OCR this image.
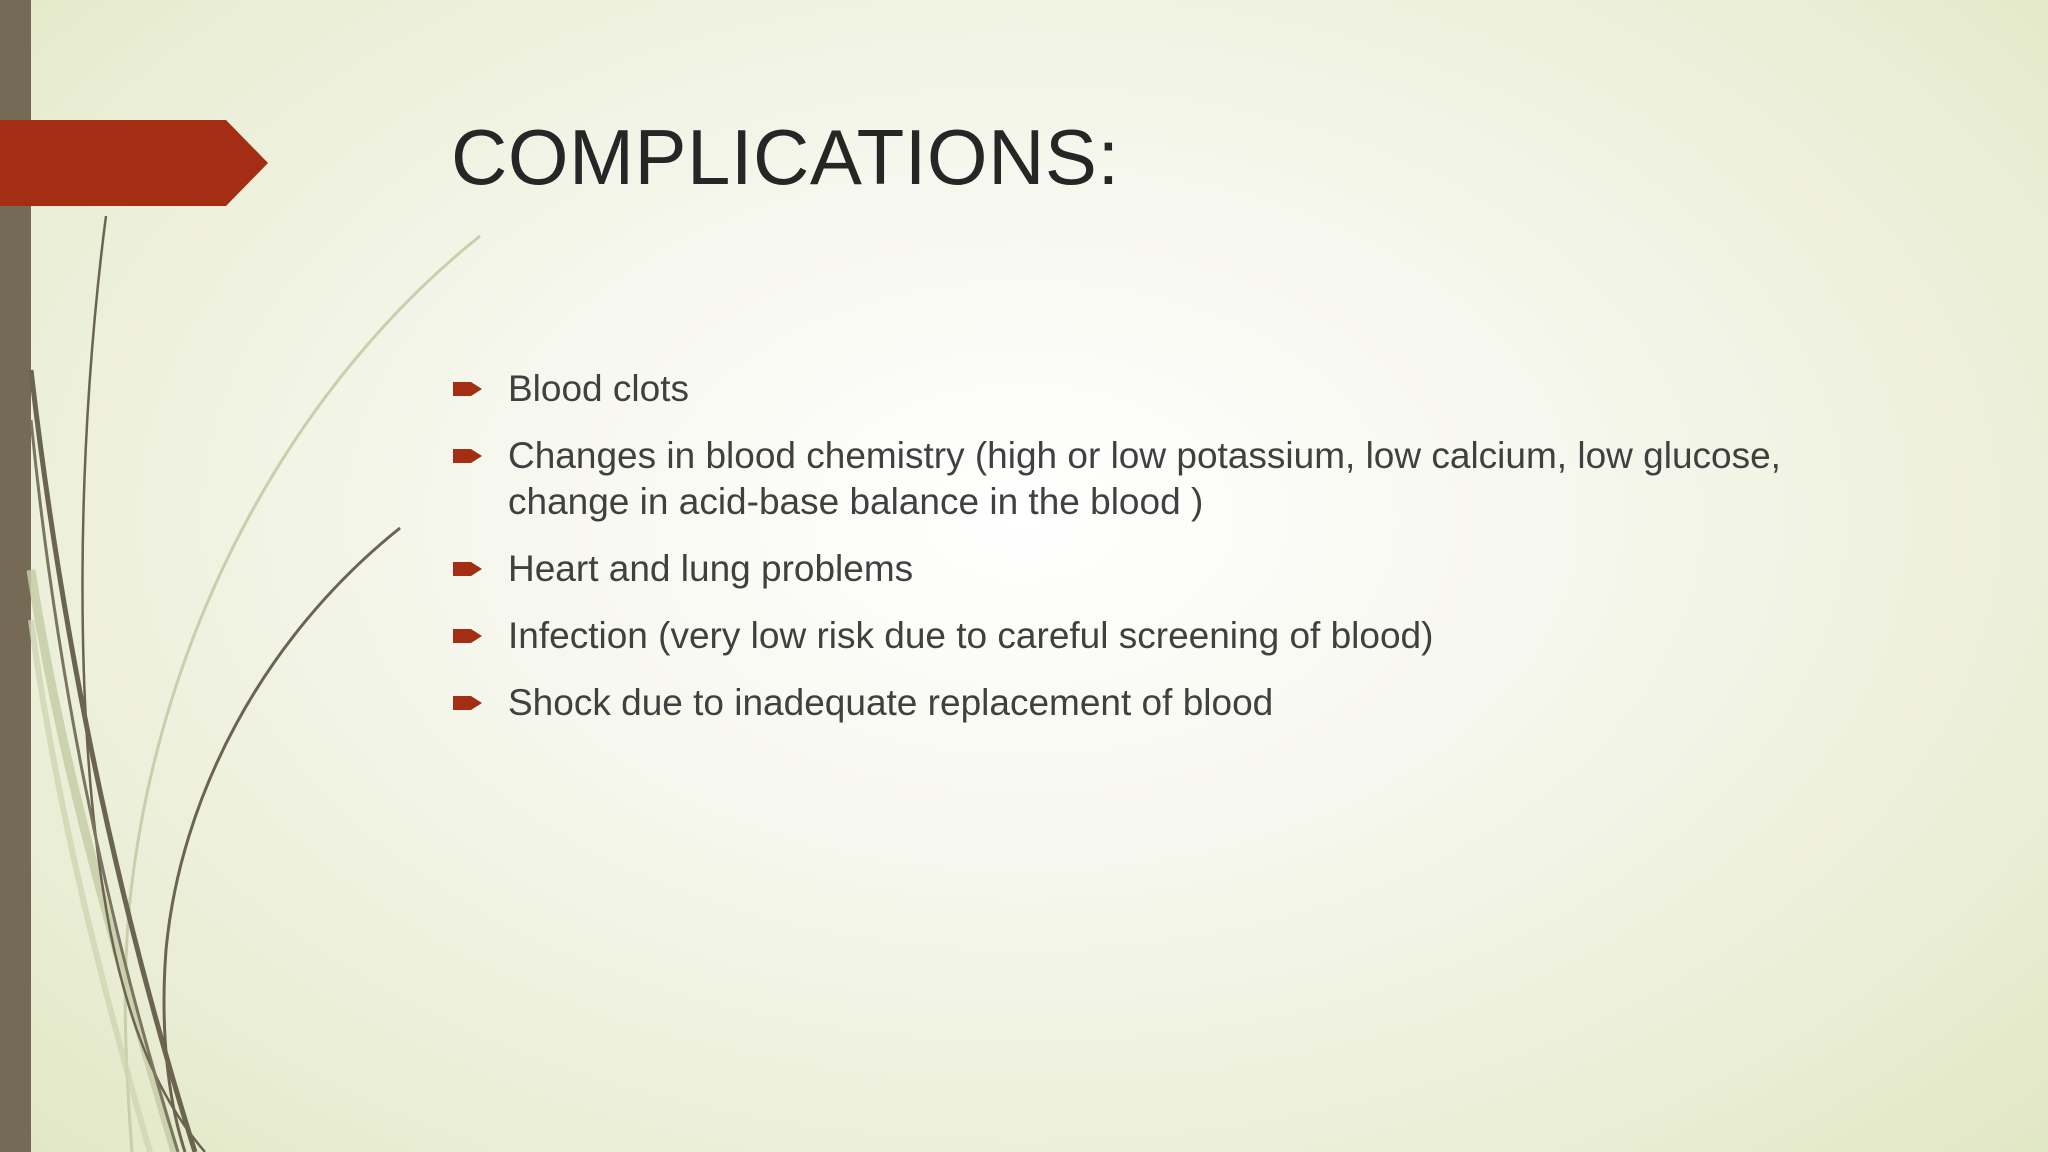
COMPLICATIONS:
Blood clots
Changes in blood chemistry (high or low potassium, low calcium, low glucose, change in acid-base balance in the blood )
Heart and lung problems
Infection (very low risk due to careful screening of blood)
Shock due to inadequate replacement of blood
